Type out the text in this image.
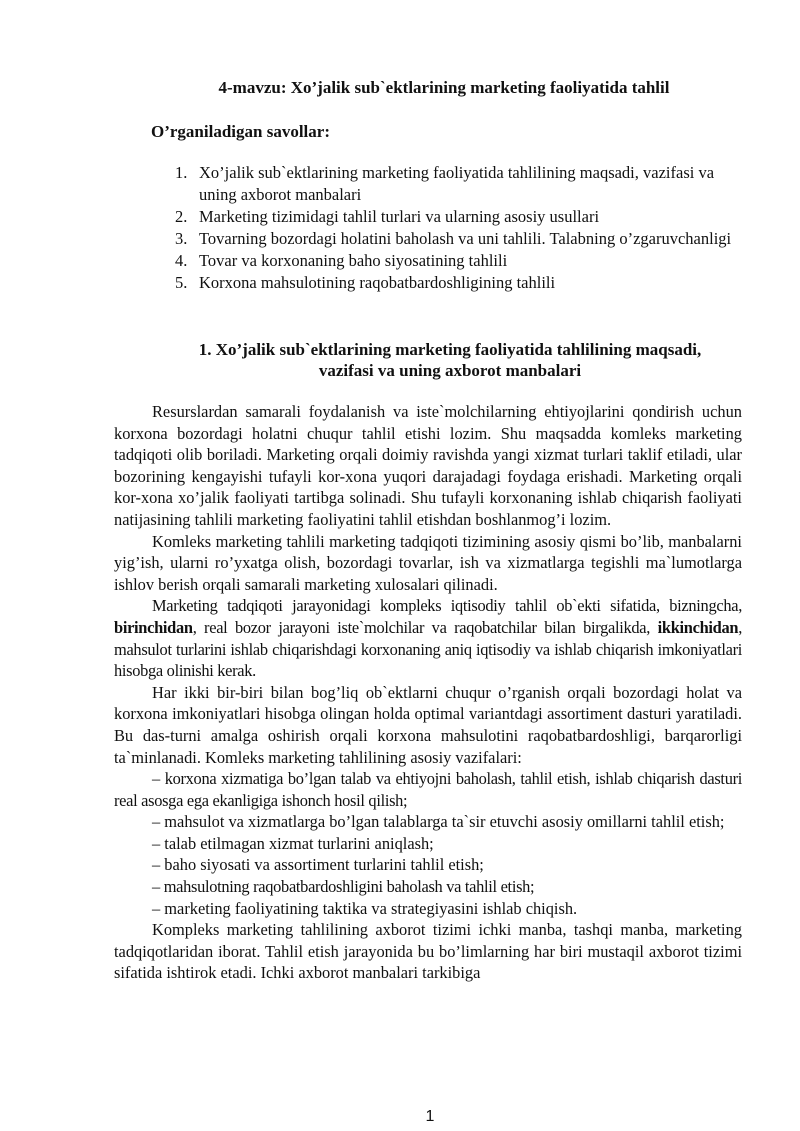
4-mavzu: Xo’jalik sub`ektlarining marketing faoliyatida tahlil
O’rganiladigan savollar:
1. Xo’jalik sub`ektlarining marketing faoliyatida tahlilining maqsadi, vazifasi va uning axborot manbalari
2. Marketing tizimidagi tahlil turlari va ularning asosiy usullari
3. Tovarning bozordagi holatini baholash va uni tahlili. Talabning o’zgaruvchanligi
4. Tovar va korxonaning baho siyosatining tahlili
5. Korxona mahsulotining raqobatbardoshligining tahlili
1. Xo’jalik sub`ektlarining marketing faoliyatida tahlilining maqsadi,
vazifasi va uning axborot manbalari

Resurslardan samarali foydalanish va iste`molchilarning ehtiyojlarini qondirish uchun korxona bozordagi holatni chuqur tahlil etishi lozim. Shu maqsadda komleks marketing tadqiqoti olib boriladi. Marketing orqali doimiy ravishda yangi xizmat turlari taklif etiladi, ular bozorining kengayishi tufayli kor-xona yuqori darajadagi foydaga erishadi. Marketing orqali kor-xona xo’jalik faoliyati tartibga solinadi. Shu tufayli korxonaning ishlab chiqarish faoliyati natijasining tahlili marketing faoliyatini tahlil etishdan boshlanmog’i lozim.

Komleks marketing tahlili marketing tadqiqoti tizimining asosiy qismi bo’lib, manbalarni yig’ish, ularni ro’yxatga olish, bozordagi tovarlar, ish va xizmatlarga tegishli ma`lumotlarga ishlov berish orqali samarali marketing xulosalari qilinadi.

Marketing tadqiqoti jarayonidagi kompleks iqtisodiy tahlil ob`ekti sifatida, bizningcha, birinchidan, real bozor jarayoni iste`molchilar va raqobatchilar bilan birgalikda, ikkinchidan, mahsulot turlarini ishlab chiqarishdagi korxonaning aniq iqtisodiy va ishlab chiqarish imkoniyatlari hisobga olinishi kerak.

Har ikki bir-biri bilan bog’liq ob`ektlarni chuqur o’rganish orqali bozordagi holat va korxona imkoniyatlari hisobga olingan holda optimal variantdagi assortiment dasturi yaratiladi. Bu das-turni amalga oshirish orqali korxona mahsulotini raqobatbardoshligi, barqarorligi ta`minlanadi. Komleks marketing tahlilining asosiy vazifalari:

– korxona xizmatiga bo’lgan talab va ehtiyojni baholash, tahlil etish, ishlab chiqarish dasturi real asosga ega ekanligiga ishonch hosil qilish;

– mahsulot va xizmatlarga bo’lgan talablarga ta`sir etuvchi asosiy omillarni tahlil etish;

– talab etilmagan xizmat turlarini aniqlash;

– baho siyosati va assortiment turlarini tahlil etish;

– mahsulotning raqobatbardoshligini baholash va tahlil etish;

– marketing faoliyatining taktika va strategiyasini ishlab chiqish.

Kompleks marketing tahlilining axborot tizimi ichki manba, tashqi manba, marketing tadqiqotlaridan iborat. Tahlil etish jarayonida bu bo’limlarning har biri mustaqil axborot tizimi sifatida ishtirok etadi. Ichki axborot manbalari tarkibiga

1
